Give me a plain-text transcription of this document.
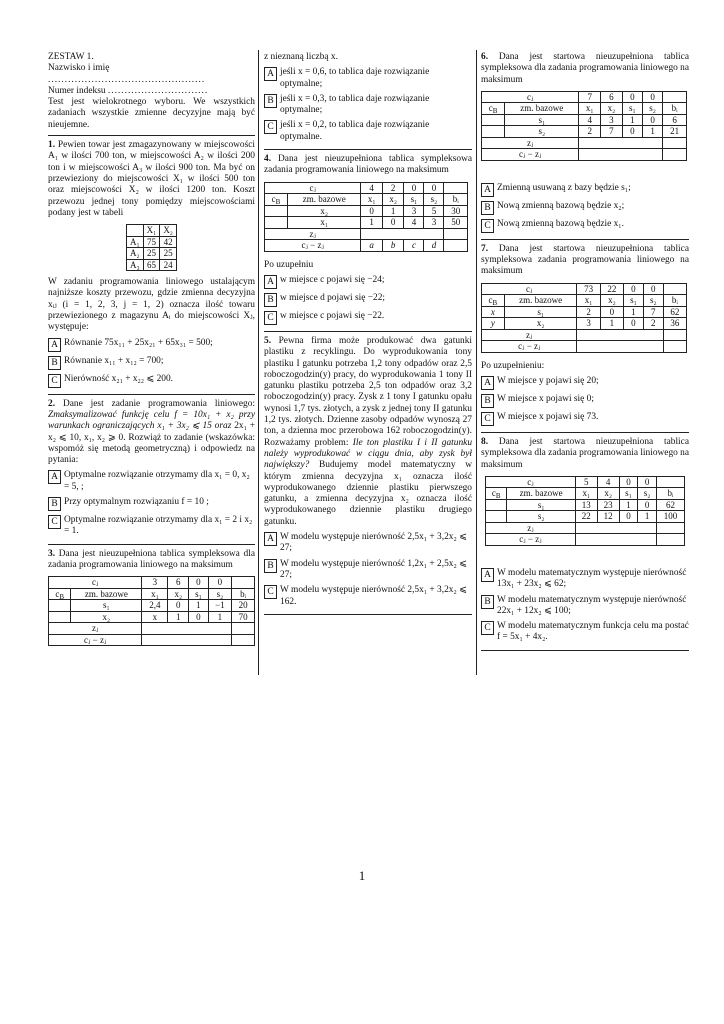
ZESTAW 1.
Nazwisko i imię
...............................................
Numer indeksu ..............................

Test jest wielokrotnego wyboru. We wszystkich zadaniach wszystkie zmienne decyzyjne mają być nieujemne.

1. Pewien towar jest zmagazynowany w miejscowości A₁ w ilości 700 ton, w miejscowości A₂ w ilości 200 ton i w miejscowości A₃ w ilości 900 ton. Ma być on przewieziony do miejscowości X₁ w ilości 500 ton oraz miejscowości X₂ w ilości 1200 ton. Koszt przewozu jednej tony pomiędzy miejscowościami podany jest w tabeli

	X₁	X₂
A₁	75	42
A₂	25	25
A₃	65	24

W zadaniu programowania liniowego ustalającym najniższe koszty przewozu, gdzie zmienna decyzyjna xᵢⱼ (i = 1, 2, 3, j = 1, 2) oznacza ilość towaru przewiezionego z magazynu Aᵢ do miejscowości Xⱼ, występuje:

A Równanie 75x₁₁ + 25x₂₁ + 65x₃₁ = 500;
B Równanie x₁₁ + x₁₂ = 700;
C Nierówność x₂₁ + x₂₂ ⩽ 200.

2. Dane jest zadanie programowania liniowego: Zmaksymalizować funkcję celu f = 10x₁ + x₂ przy warunkach ograniczających x₁ + 3x₂ ⩽ 15 oraz 2x₁ + x₂ ⩽ 10, x₁, x₂ ⩾ 0. Rozwiąż to zadanie (wskazówka: wspomóż się metodą geometryczną) i odpowiedz na pytania:

A Optymalne rozwiązanie otrzymamy dla x₁ = 0, x₂ = 5, ;
B Przy optymalnym rozwiązaniu f = 10 ;
C Optymalne rozwiązanie otrzymamy dla x₁ = 2 i x₂ = 1.

3. Dana jest nieuzupełniona tablica sympleksowa dla zadania programowania liniowego na maksimum

cⱼ		3	6	0	0	
$c_B$	zm. bazowe	x₁	x₂	s₁	s₂	bᵢ
	s₁	2,4	0	1	−1	20
	x₂	x	1	0	1	70
zⱼ						
cⱼ − zⱼ						

z nieznaną liczbą x.

A jeśli x = 0,6, to tablica daje rozwiązanie optymalne;
B jeśli x = 0,3, to tablica daje rozwiązanie optymalne;
C jeśli x = 0,2, to tablica daje rozwiązanie optymalne.

4. Dana jest nieuzupełniona tablica sympleksowa zadania programowania liniowego na maksimum

cⱼ		4	2	0	0	
$c_B$	zm. bazowe	x₁	x₂	s₁	s₂	bᵢ
	x₂	0	1	3	5	30
	x₁	1	0	4	3	50
zⱼ						
cⱼ − zⱼ		a	b	c	d	

Po uzupełniu

A w miejsce c pojawi się −24;
B w miejsce d pojawi się −22;
C w miejsce c pojawi się −22.

5. Pewna firma może produkować dwa gatunki plastiku z recyklingu. Do wyprodukowania tony plastiku I gatunku potrzeba 1,2 tony odpadów oraz 2,5 roboczogodzin(y) pracy, do wyprodukowania 1 tony II gatunku plastiku potrzeba 2,5 ton odpadów oraz 3,2 roboczogodzin(y) pracy. Zysk z 1 tony I gatunku opału wynosi 1,7 tys. złotych, a zysk z jednej tony II gatunku 1,2 tys. złotych. Dzienne zasoby odpadów wynoszą 27 ton, a dzienna moc przerobowa 162 roboczogodzin(y). Rozważamy problem: Ile ton plastiku I i II gatunku należy wyprodukować w ciągu dnia, aby zysk był największy? Budujemy model matematyczny w którym zmienna decyzyjna x₁ oznacza ilość wyprodukowanego dziennie plastiku pierwszego gatunku, a zmienna decyzyjna x₂ oznacza ilość wyprodukowanego dziennie plastiku drugiego gatunku.

A W modelu występuje nierówność 2,5x₁ + 3,2x₂ ⩽ 27;
B W modelu występuje nierówność 1,2x₁ + 2,5x₂ ⩽ 27;
C W modelu występuje nierówność 2,5x₁ + 3,2x₂ ⩽ 162.

6. Dana jest startowa nieuzupełniona tablica sympleksowa dla zadania programowania liniowego na maksimum

cⱼ		7	6	0	0	
$c_B$	zm. bazowe	x₁	x₂	s₁	s₂	bᵢ
	s₁	4	3	1	0	6
	s₂	2	7	0	1	21
zⱼ						
cⱼ − zⱼ						
A Zmienną usuwaną z bazy będzie s₁;
B Nową zmienną bazową będzie x₂;
C Nową zmienną bazową będzie x₁.

7. Dana jest startowa nieuzupełniona tablica sympleksowa zadania programowania liniowego na maksimum

cⱼ		73	22	0	0	
$c_B$	zm. bazowe	x₁	x₂	s₁	s₂	bᵢ
x	s₁	2	0	1	7	62
y	x₂	3	1	0	2	36
zⱼ						
cⱼ − zⱼ						

Po uzupełnieniu:

A W miejsce y pojawi się 20;
B W miejsce x pojawi się 0;
C W miejsce x pojawi się 73.

8. Dana jest startowa nieuzupełniona tablica sympleksowa dla zadania programowania liniowego na maksimum

cⱼ		5	4	0	0	
$c_B$	zm. bazowe	x₁	x₂	s₁	s₂	bᵢ
	s₁	13	23	1	0	62
	s₂	22	12	0	1	100
zⱼ						
cⱼ − zⱼ						
A W modelu matematycznym występuje nierówność 13x₁ + 23x₂ ⩽ 62;
B W modelu matematycznym występuje nierówność 22x₁ + 12x₂ ⩽ 100;
C W modelu matematycznym funkcja celu ma postać f = 5x₁ + 4x₂.
1
